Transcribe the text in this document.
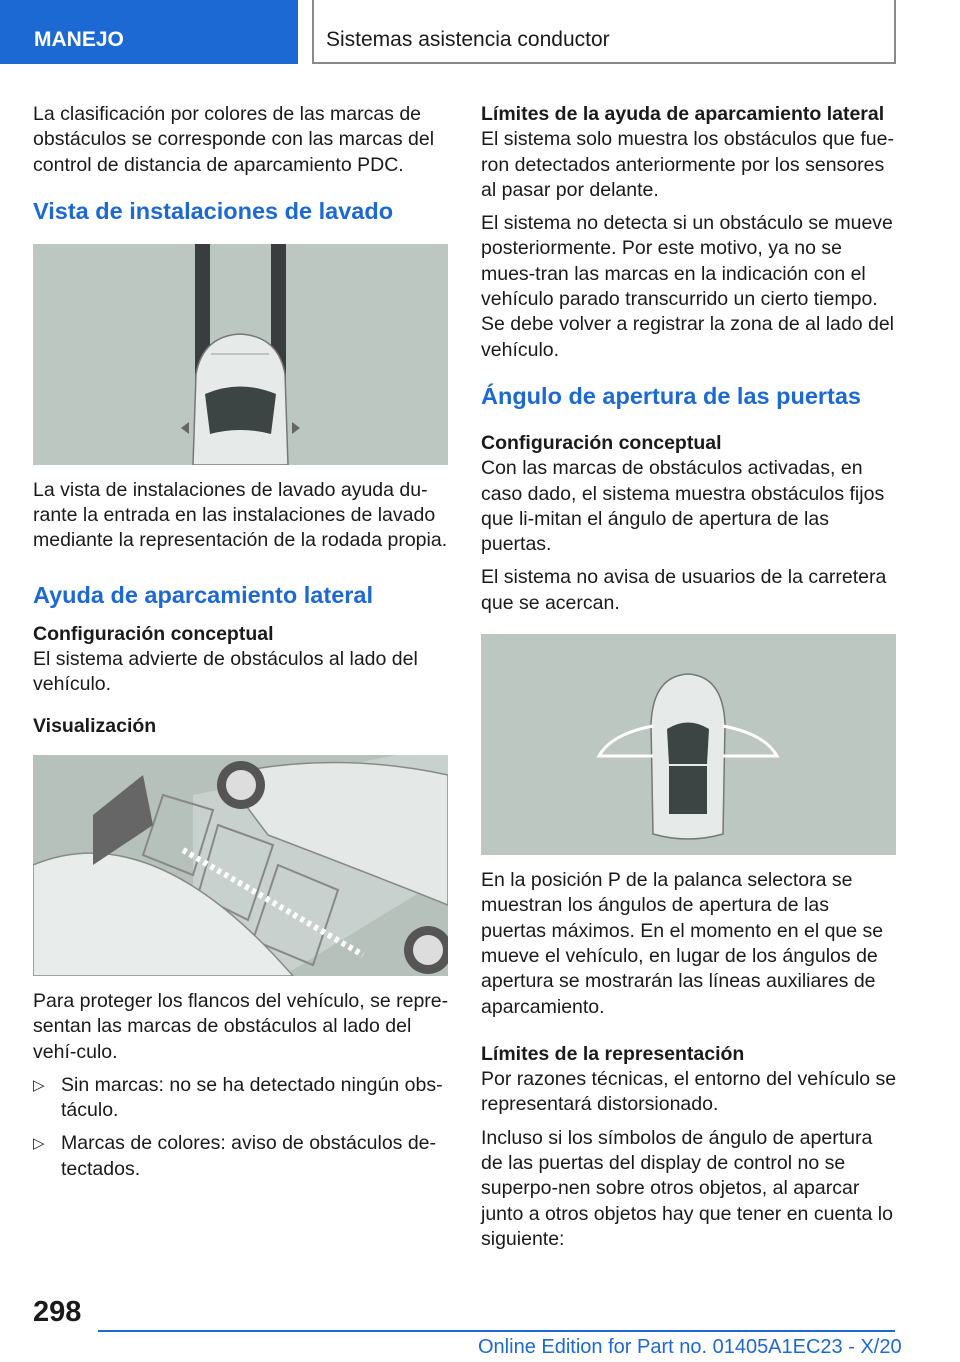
MANEJO	Sistemas asistencia conductor
La clasificación por colores de las marcas de obstáculos se corresponde con las marcas del control de distancia de aparcamiento PDC.
Vista de instalaciones de lavado
La vista de instalaciones de lavado ayuda du-rante la entrada en las instalaciones de lavado mediante la representación de la rodada propia.
Ayuda de aparcamiento lateral
Configuración conceptual
El sistema advierte de obstáculos al lado del vehículo.
Visualización
Para proteger los flancos del vehículo, se repre-sentan las marcas de obstáculos al lado del vehí-culo.
▷ Sin marcas: no se ha detectado ningún obs-táculo.
▷ Marcas de colores: aviso de obstáculos de-tectados.
Límites de la ayuda de aparcamiento lateral
El sistema solo muestra los obstáculos que fue-ron detectados anteriormente por los sensores al pasar por delante.
El sistema no detecta si un obstáculo se mueve posteriormente. Por este motivo, ya no se mues-tran las marcas en la indicación con el vehículo parado transcurrido un cierto tiempo. Se debe volver a registrar la zona de al lado del vehículo.
Ángulo de apertura de las puertas
Configuración conceptual
Con las marcas de obstáculos activadas, en caso dado, el sistema muestra obstáculos fijos que li-mitan el ángulo de apertura de las puertas.
El sistema no avisa de usuarios de la carretera que se acercan.
En la posición P de la palanca selectora se muestran los ángulos de apertura de las puertas máximos. En el momento en el que se mueve el vehículo, en lugar de los ángulos de apertura se mostrarán las líneas auxiliares de aparcamiento.
Límites de la representación
Por razones técnicas, el entorno del vehículo se representará distorsionado.
Incluso si los símbolos de ángulo de apertura de las puertas del display de control no se superpo-nen sobre otros objetos, al aparcar junto a otros objetos hay que tener en cuenta lo siguiente:
298
Online Edition for Part no. 01405A1EC23 - X/20
